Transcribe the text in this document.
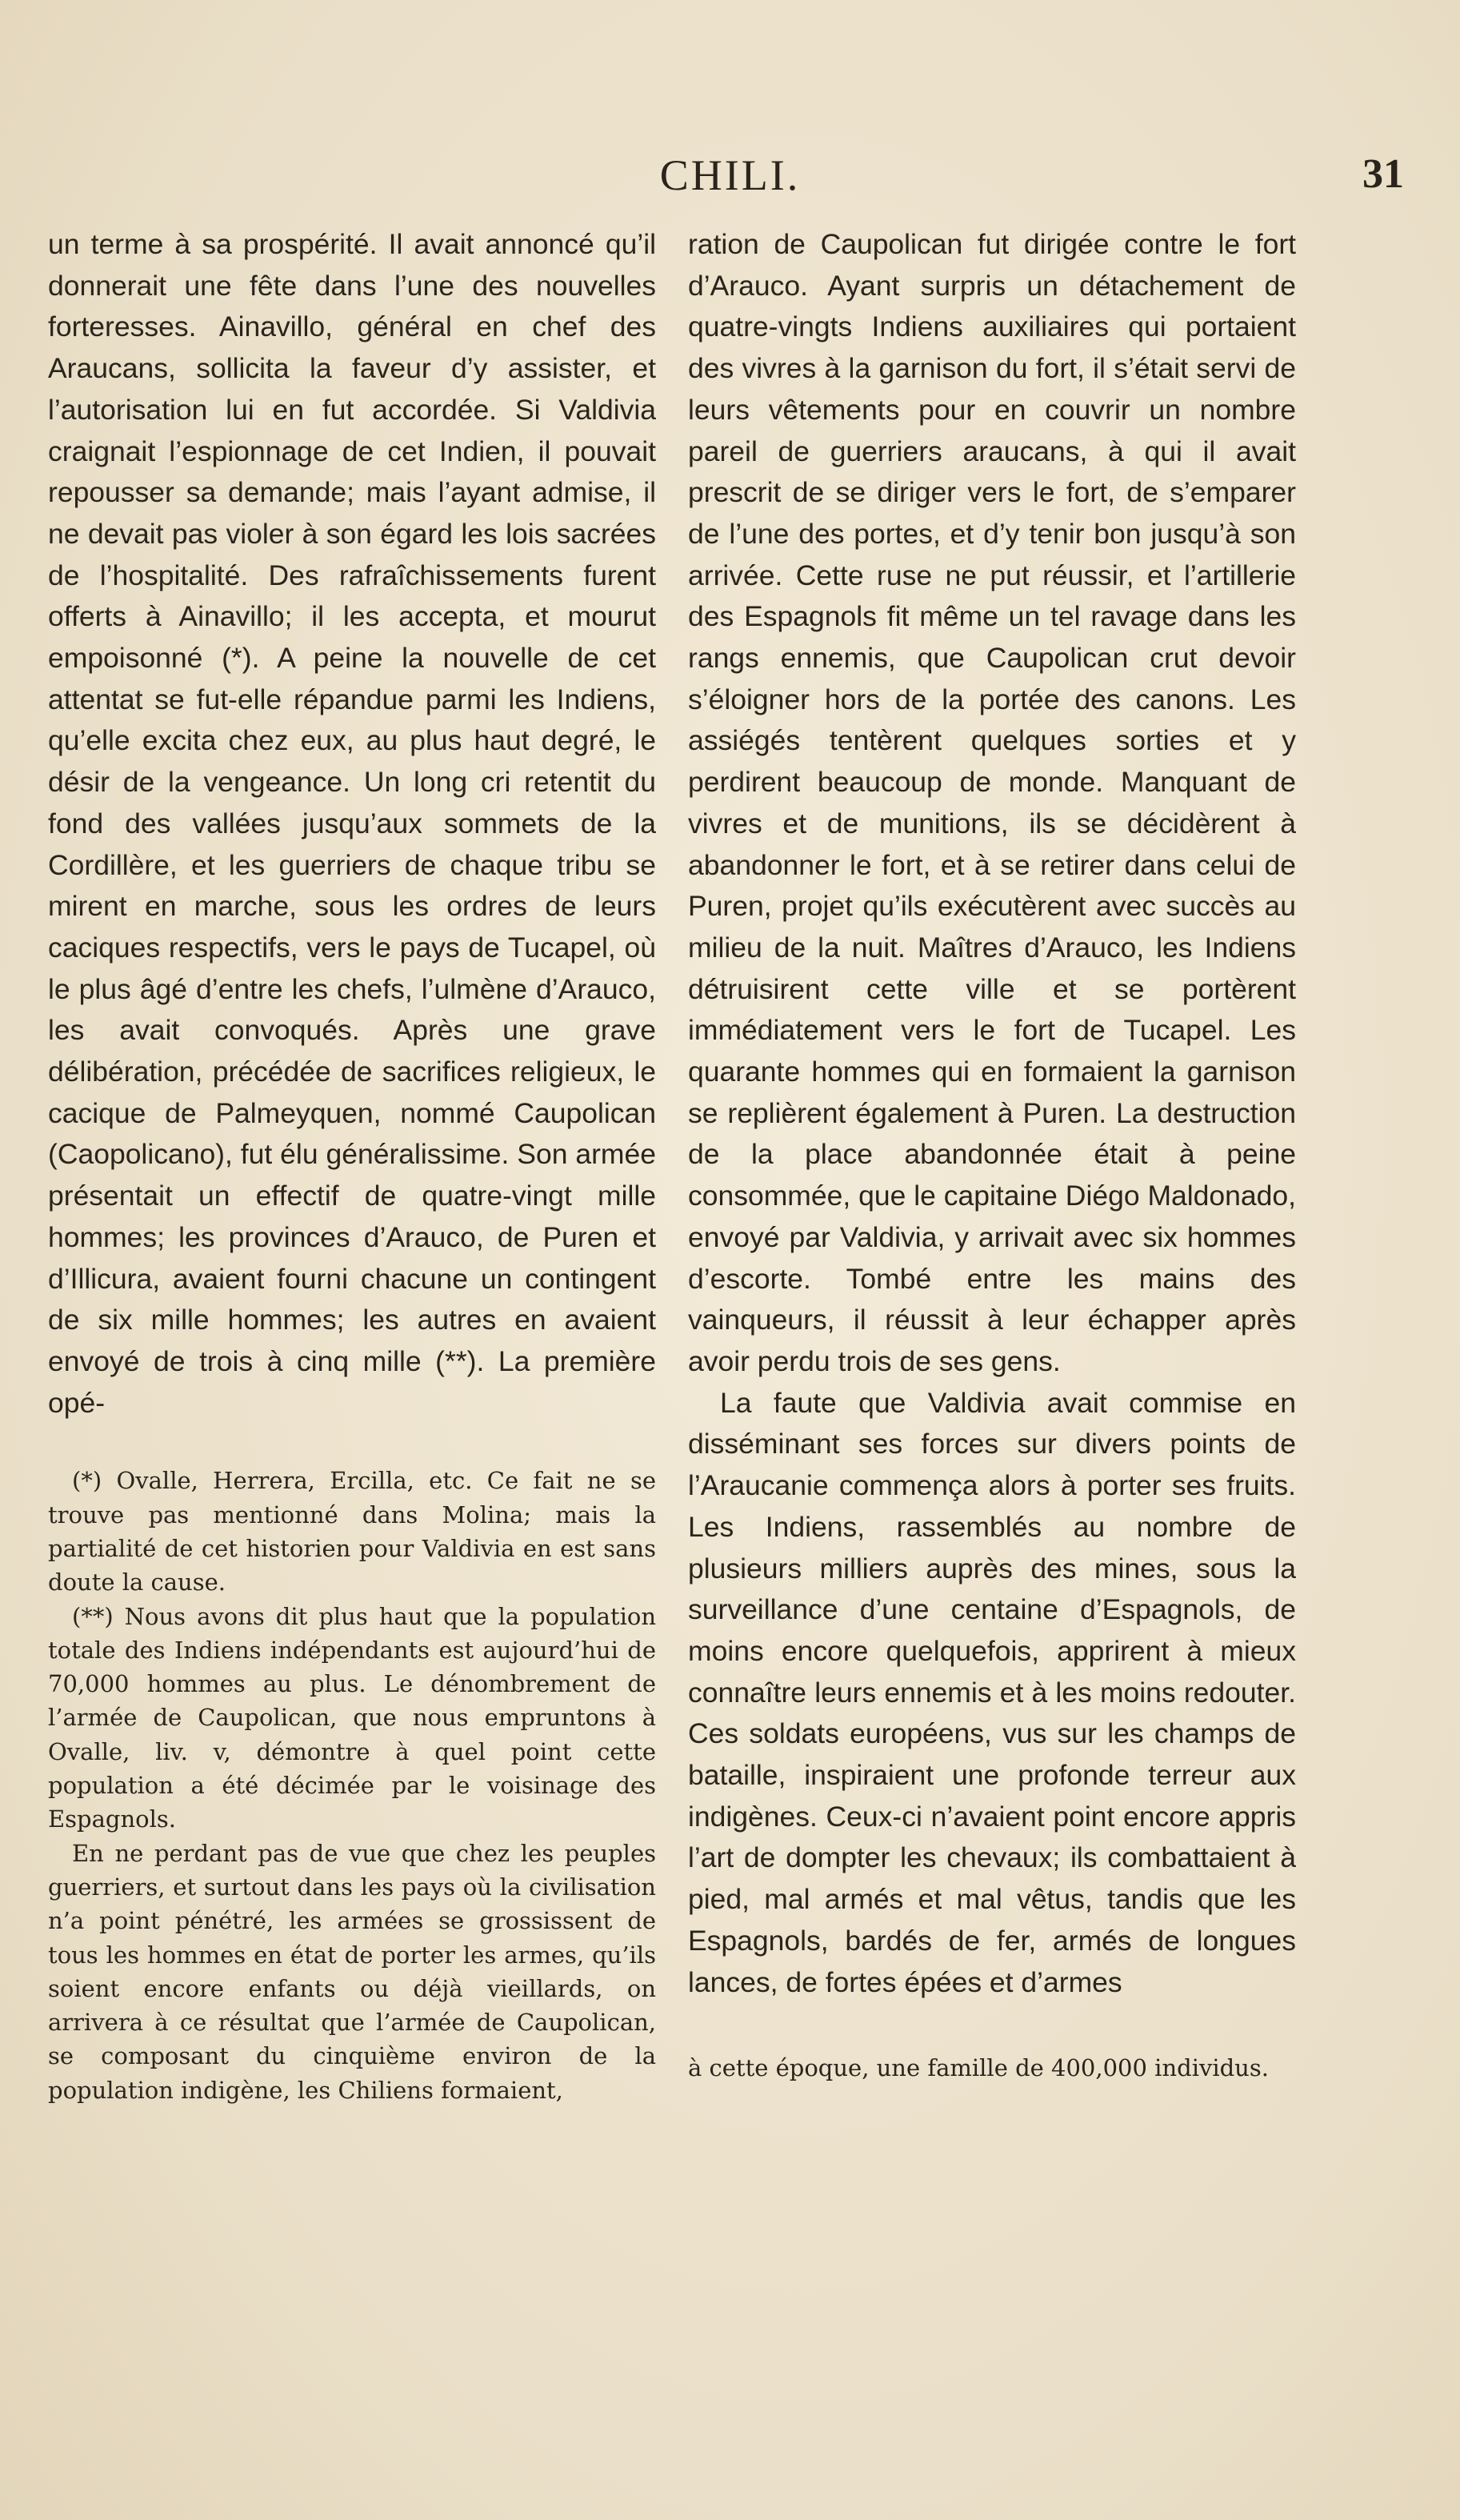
CHILI.	31

un terme à sa prospérité. Il avait annoncé qu’il donnerait une fête dans l’une des nouvelles forteresses. Ainavillo, général en chef des Araucans, sollicita la faveur d’y assister, et l’autorisation lui en fut accordée. Si Valdivia craignait l’espionnage de cet Indien, il pouvait repousser sa demande; mais l’ayant admise, il ne devait pas violer à son égard les lois sacrées de l’hospitalité. Des rafraîchissements furent offerts à Ainavillo; il les accepta, et mourut empoisonné (*). A peine la nouvelle de cet attentat se fut-elle répandue parmi les Indiens, qu’elle excita chez eux, au plus haut degré, le désir de la vengeance. Un long cri retentit du fond des vallées jusqu’aux sommets de la Cordillère, et les guerriers de chaque tribu se mirent en marche, sous les ordres de leurs caciques respectifs, vers le pays de Tucapel, où le plus âgé d’entre les chefs, l’ulmène d’Arauco, les avait convoqués. Après une grave délibération, précédée de sacrifices religieux, le cacique de Palmeyquen, nommé Caupolican (Caopolicano), fut élu généralissime. Son armée présentait un effectif de quatre-vingt mille hommes; les provinces d’Arauco, de Puren et d’Illicura, avaient fourni chacune un contingent de six mille hommes; les autres en avaient envoyé de trois à cinq mille (**). La première opé-

(*) Ovalle, Herrera, Ercilla, etc. Ce fait ne se trouve pas mentionné dans Molina; mais la partialité de cet historien pour Valdivia en est sans doute la cause.

(**) Nous avons dit plus haut que la population totale des Indiens indépendants est aujourd’hui de 70,000 hommes au plus. Le dénombrement de l’armée de Caupolican, que nous empruntons à Ovalle, liv. v, démontre à quel point cette population a été décimée par le voisinage des Espagnols.

En ne perdant pas de vue que chez les peuples guerriers, et surtout dans les pays où la civilisation n’a point pénétré, les armées se grossissent de tous les hommes en état de porter les armes, qu’ils soient encore enfants ou déjà vieillards, on arrivera à ce résultat que l’armée de Caupolican, se composant du cinquième environ de la population indigène, les Chiliens formaient,

ration de Caupolican fut dirigée contre le fort d’Arauco. Ayant surpris un détachement de quatre-vingts Indiens auxiliaires qui portaient des vivres à la garnison du fort, il s’était servi de leurs vêtements pour en couvrir un nombre pareil de guerriers araucans, à qui il avait prescrit de se diriger vers le fort, de s’emparer de l’une des portes, et d’y tenir bon jusqu’à son arrivée. Cette ruse ne put réussir, et l’artillerie des Espagnols fit même un tel ravage dans les rangs ennemis, que Caupolican crut devoir s’éloigner hors de la portée des canons. Les assiégés tentèrent quelques sorties et y perdirent beaucoup de monde. Manquant de vivres et de munitions, ils se décidèrent à abandonner le fort, et à se retirer dans celui de Puren, projet qu’ils exécutèrent avec succès au milieu de la nuit. Maîtres d’Arauco, les Indiens détruisirent cette ville et se portèrent immédiatement vers le fort de Tucapel. Les quarante hommes qui en formaient la garnison se replièrent également à Puren. La destruction de la place abandonnée était à peine consommée, que le capitaine Diégo Maldonado, envoyé par Valdivia, y arrivait avec six hommes d’escorte. Tombé entre les mains des vainqueurs, il réussit à leur échapper après avoir perdu trois de ses gens.

La faute que Valdivia avait commise en disséminant ses forces sur divers points de l’Araucanie commença alors à porter ses fruits. Les Indiens, rassemblés au nombre de plusieurs milliers auprès des mines, sous la surveillance d’une centaine d’Espagnols, de moins encore quelquefois, apprirent à mieux connaître leurs ennemis et à les moins redouter. Ces soldats européens, vus sur les champs de bataille, inspiraient une profonde terreur aux indigènes. Ceux-ci n’avaient point encore appris l’art de dompter les chevaux; ils combattaient à pied, mal armés et mal vêtus, tandis que les Espagnols, bardés de fer, armés de longues lances, de fortes épées et d’armes

à cette époque, une famille de 400,000 individus.
